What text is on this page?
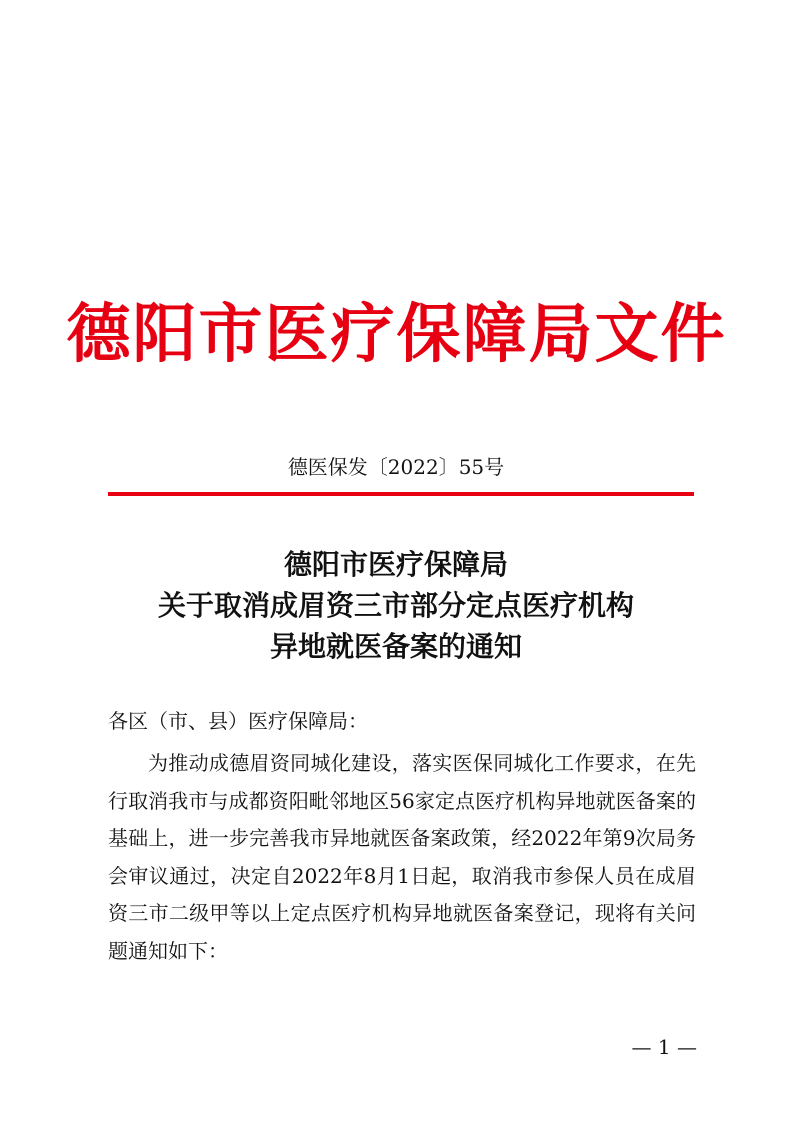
德阳市医疗保障局文件
德医保发〔2022〕55号
德阳市医疗保障局
关于取消成眉资三市部分定点医疗机构
异地就医备案的通知
各区（市、县）医疗保障局：

为推动成德眉资同城化建设，落实医保同城化工作要求，在先行取消我市与成都资阳毗邻地区56家定点医疗机构异地就医备案的基础上，进一步完善我市异地就医备案政策，经2022年第9次局务会审议通过，决定自2022年8月1日起，取消我市参保人员在成眉资三市二级甲等以上定点医疗机构异地就医备案登记，现将有关问题通知如下：

— 1 —
